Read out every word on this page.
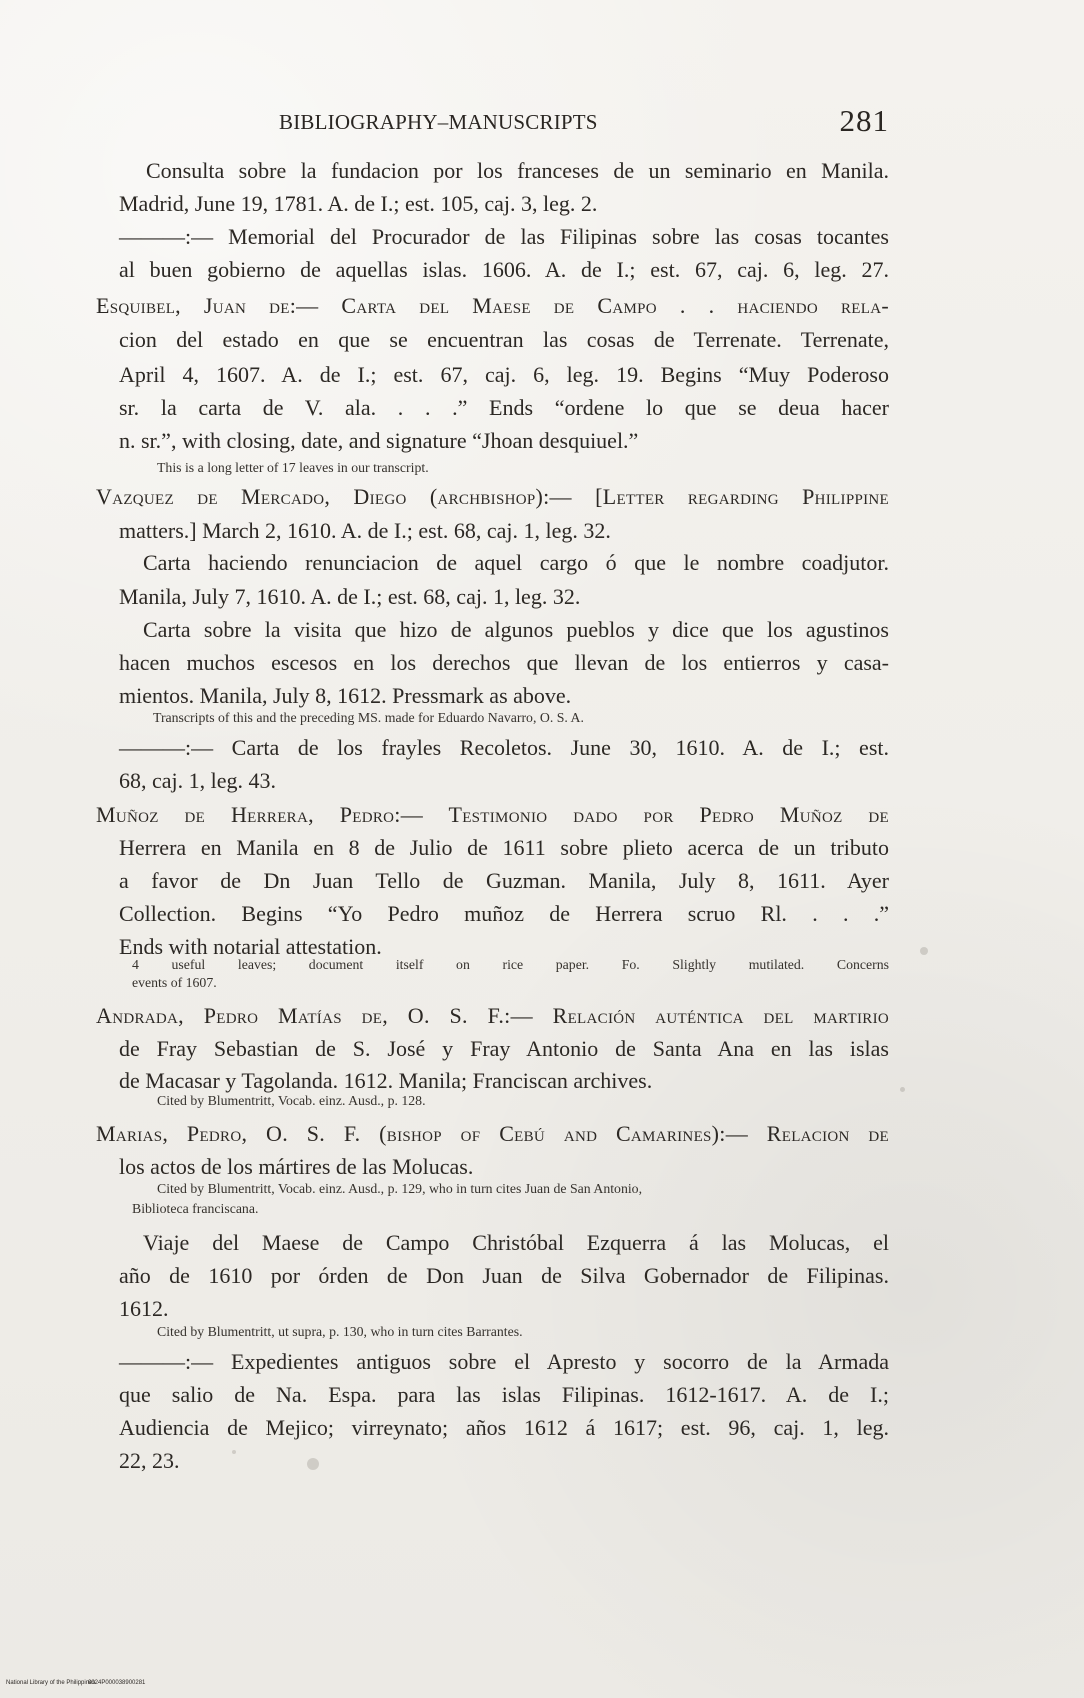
BIBLIOGRAPHY–MANUSCRIPTS	281
Consulta sobre la fundacion por los franceses de un seminario en Manila.
Madrid, June 19, 1781. A. de I.; est. 105, caj. 3, leg. 2.
———:— Memorial del Procurador de las Filipinas sobre las cosas tocantes
al buen gobierno de aquellas islas. 1606. A. de I.; est. 67, caj. 6, leg. 27.
Esquibel, Juan de:— Carta del Maese de Campo . . haciendo rela-
cion del estado en que se encuentran las cosas de Terrenate. Terrenate,
April 4, 1607. A. de I.; est. 67, caj. 6, leg. 19. Begins “Muy Poderoso
sr. la carta de V. ala. . . .” Ends “ordene lo que se deua hacer
n. sr.”, with closing, date, and signature “Jhoan desquiuel.”
This is a long letter of 17 leaves in our transcript.
Vazquez de Mercado, Diego (archbishop):— [Letter regarding Philippine
matters.] March 2, 1610. A. de I.; est. 68, caj. 1, leg. 32.
Carta haciendo renunciacion de aquel cargo ó que le nombre coadjutor.
Manila, July 7, 1610. A. de I.; est. 68, caj. 1, leg. 32.
Carta sobre la visita que hizo de algunos pueblos y dice que los agustinos
hacen muchos escesos en los derechos que llevan de los entierros y casa-
mientos. Manila, July 8, 1612. Pressmark as above.
Transcripts of this and the preceding MS. made for Eduardo Navarro, O. S. A.
———:— Carta de los frayles Recoletos. June 30, 1610. A. de I.; est.
68, caj. 1, leg. 43.
Muñoz de Herrera, Pedro:— Testimonio dado por Pedro Muñoz de
Herrera en Manila en 8 de Julio de 1611 sobre plieto acerca de un tributo
a favor de Dn Juan Tello de Guzman. Manila, July 8, 1611. Ayer
Collection. Begins “Yo Pedro muñoz de Herrera scruo Rl. . . .”
Ends with notarial attestation.
4 useful leaves; document itself on rice paper. Fo. Slightly mutilated. Concerns
events of 1607.
Andrada, Pedro Matías de, O. S. F.:— Relación auténtica del martirio
de Fray Sebastian de S. José y Fray Antonio de Santa Ana en las islas
de Macasar y Tagolanda. 1612. Manila; Franciscan archives.
Cited by Blumentritt, Vocab. einz. Ausd., p. 128.
Marias, Pedro, O. S. F. (bishop of Cebú and Camarines):— Relacion de
los actos de los mártires de las Molucas.
Cited by Blumentritt, Vocab. einz. Ausd., p. 129, who in turn cites Juan de San Antonio,
Biblioteca franciscana.
Viaje del Maese de Campo Christóbal Ezquerra á las Molucas, el
año de 1610 por órden de Don Juan de Silva Gobernador de Filipinas.
1612.
Cited by Blumentritt, ut supra, p. 130, who in turn cites Barrantes.
———:— Expedientes antiguos sobre el Apresto y socorro de la Armada
que salio de Na. Espa. para las islas Filipinas. 1612-1617. A. de I.;
Audiencia de Mejico; virreynato; años 1612 á 1617; est. 96, caj. 1, leg.
22, 23.
National Library of the Philippines
0024P000038900281
